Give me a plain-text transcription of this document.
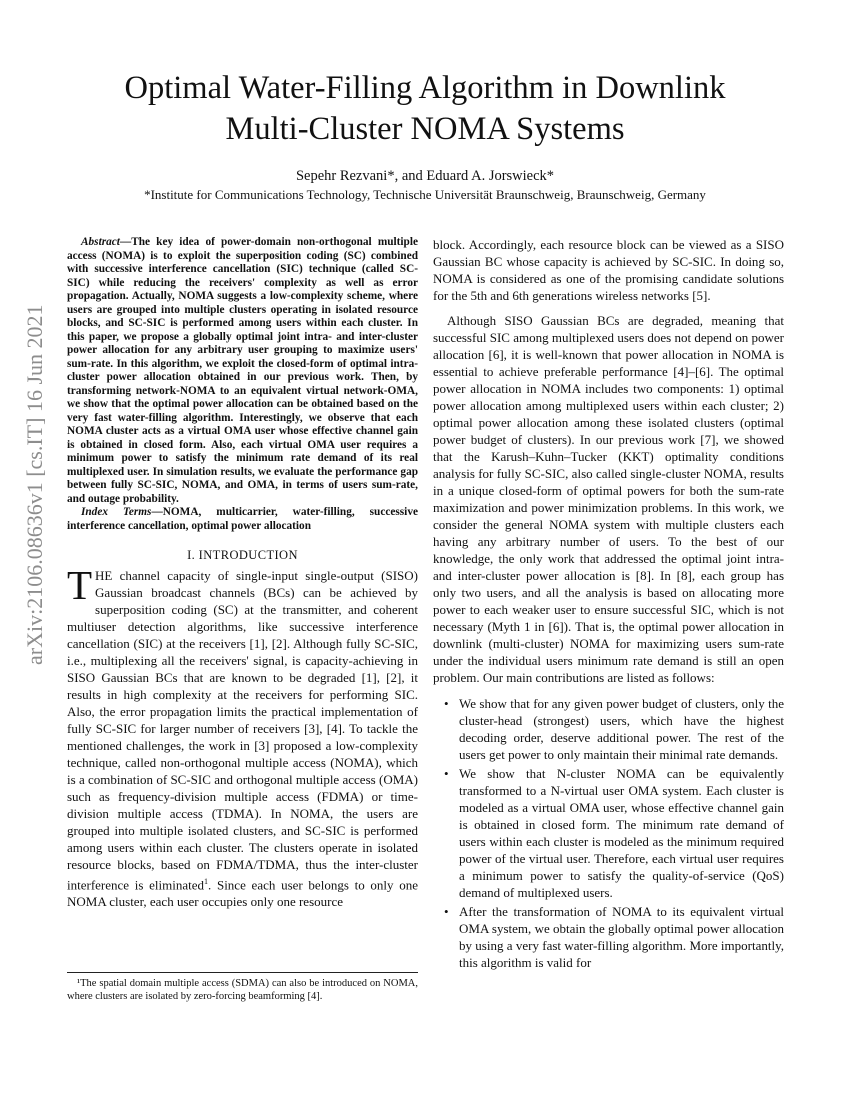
arXiv:2106.08636v1 [cs.IT] 16 Jun 2021
Optimal Water-Filling Algorithm in Downlink
Multi-Cluster NOMA Systems
Sepehr Rezvani*, and Eduard A. Jorswieck*
*Institute for Communications Technology, Technische Universität Braunschweig, Braunschweig, Germany

Abstract—The key idea of power-domain non-orthogonal multiple access (NOMA) is to exploit the superposition coding (SC) combined with successive interference cancellation (SIC) technique (called SC-SIC) while reducing the receivers' complexity as well as error propagation. Actually, NOMA suggests a low-complexity scheme, where users are grouped into multiple clusters operating in isolated resource blocks, and SC-SIC is performed among users within each cluster. In this paper, we propose a globally optimal joint intra- and inter-cluster power allocation for any arbitrary user grouping to maximize users' sum-rate. In this algorithm, we exploit the closed-form of optimal intra-cluster power allocation obtained in our previous work. Then, by transforming network-NOMA to an equivalent virtual network-OMA, we show that the optimal power allocation can be obtained based on the very fast water-filling algorithm. Interestingly, we observe that each NOMA cluster acts as a virtual OMA user whose effective channel gain is obtained in closed form. Also, each virtual OMA user requires a minimum power to satisfy the minimum rate demand of its real multiplexed user. In simulation results, we evaluate the performance gap between fully SC-SIC, NOMA, and OMA, in terms of users sum-rate, and outage probability.

Index Terms—NOMA, multicarrier, water-filling, successive interference cancellation, optimal power allocation

I. INTRODUCTION

THE channel capacity of single-input single-output (SISO) Gaussian broadcast channels (BCs) can be achieved by superposition coding (SC) at the transmitter, and coherent multiuser detection algorithms, like successive interference cancellation (SIC) at the receivers [1], [2]. Although fully SC-SIC, i.e., multiplexing all the receivers' signal, is capacity-achieving in SISO Gaussian BCs that are known to be degraded [1], [2], it results in high complexity at the receivers for performing SIC. Also, the error propagation limits the practical implementation of fully SC-SIC for larger number of receivers [3], [4]. To tackle the mentioned challenges, the work in [3] proposed a low-complexity technique, called non-orthogonal multiple access (NOMA), which is a combination of SC-SIC and orthogonal multiple access (OMA) such as frequency-division multiple access (FDMA) or time-division multiple access (TDMA). In NOMA, the users are grouped into multiple isolated clusters, and SC-SIC is performed among users within each cluster. The clusters operate in isolated resource blocks, based on FDMA/TDMA, thus the inter-cluster interference is eliminated$^1$. Since each user belongs to only one NOMA cluster, each user occupies only one resource

¹The spatial domain multiple access (SDMA) can also be introduced on NOMA, where clusters are isolated by zero-forcing beamforming [4].

block. Accordingly, each resource block can be viewed as a SISO Gaussian BC whose capacity is achieved by SC-SIC. In doing so, NOMA is considered as one of the promising candidate solutions for the 5th and 6th generations wireless networks [5].

Although SISO Gaussian BCs are degraded, meaning that successful SIC among multiplexed users does not depend on power allocation [6], it is well-known that power allocation in NOMA is essential to achieve preferable performance [4]–[6]. The optimal power allocation in NOMA includes two components: 1) optimal power allocation among multiplexed users within each cluster; 2) optimal power allocation among these isolated clusters (optimal power budget of clusters). In our previous work [7], we showed that the Karush–Kuhn–Tucker (KKT) optimality conditions analysis for fully SC-SIC, also called single-cluster NOMA, results in a unique closed-form of optimal powers for both the sum-rate maximization and power minimization problems. In this work, we consider the general NOMA system with multiple clusters each having any arbitrary number of users. To the best of our knowledge, the only work that addressed the optimal joint intra- and inter-cluster power allocation is [8]. In [8], each group has only two users, and all the analysis is based on allocating more power to each weaker user to ensure successful SIC, which is not necessary (Myth 1 in [6]). That is, the optimal power allocation in downlink (multi-cluster) NOMA for maximizing users sum-rate under the individual users minimum rate demand is still an open problem. Our main contributions are listed as follows:

• We show that for any given power budget of clusters, only the cluster-head (strongest) users, which have the highest decoding order, deserve additional power. The rest of the users get power to only maintain their minimal rate demands.
• We show that N-cluster NOMA can be equivalently transformed to a N-virtual user OMA system. Each cluster is modeled as a virtual OMA user, whose effective channel gain is obtained in closed form. The minimum rate demand of users within each cluster is modeled as the minimum required power of the virtual user. Therefore, each virtual user requires a minimum power to satisfy the quality-of-service (QoS) demand of multiplexed users.
• After the transformation of NOMA to its equivalent virtual OMA system, we obtain the globally optimal power allocation by using a very fast water-filling algorithm. More importantly, this algorithm is valid for
